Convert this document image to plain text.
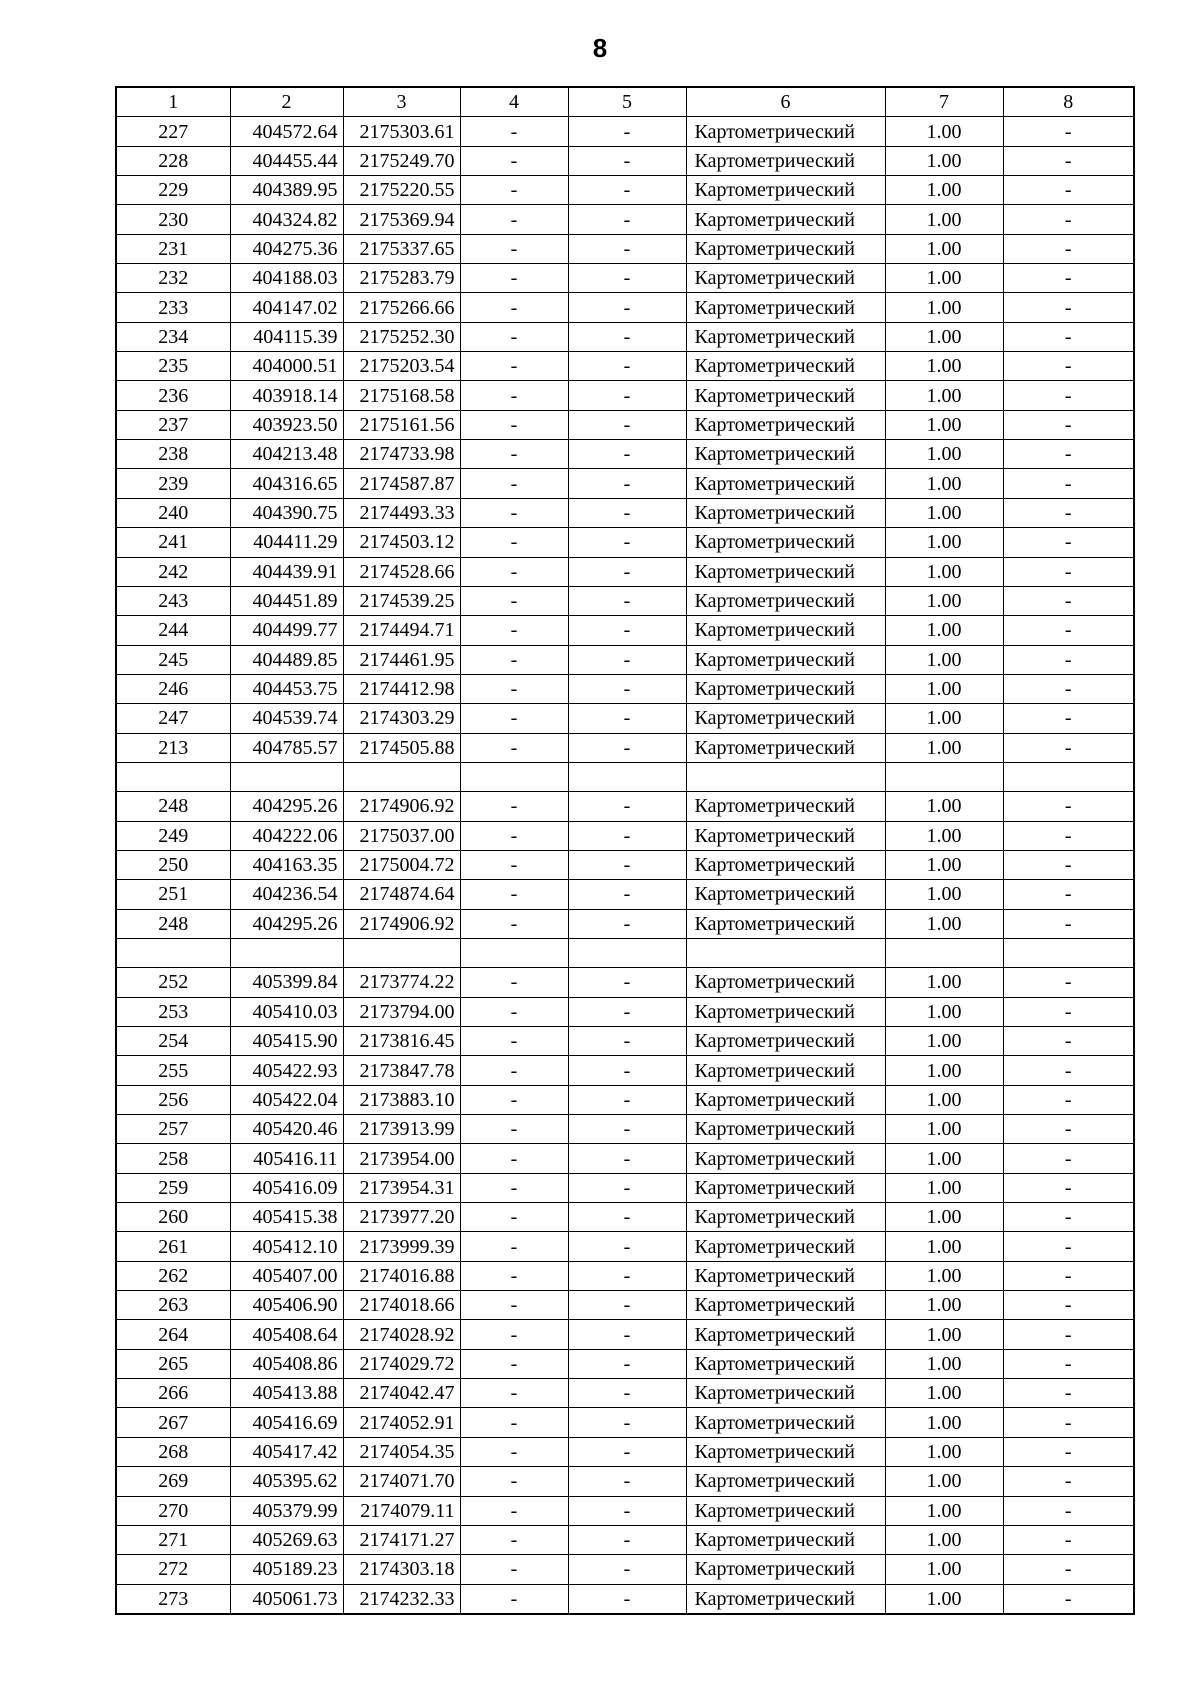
8
1	2	3	4	5	6	7	8
227	404572.64	2175303.61	-	-	Картометрический	1.00	-
228	404455.44	2175249.70	-	-	Картометрический	1.00	-
229	404389.95	2175220.55	-	-	Картометрический	1.00	-
230	404324.82	2175369.94	-	-	Картометрический	1.00	-
231	404275.36	2175337.65	-	-	Картометрический	1.00	-
232	404188.03	2175283.79	-	-	Картометрический	1.00	-
233	404147.02	2175266.66	-	-	Картометрический	1.00	-
234	404115.39	2175252.30	-	-	Картометрический	1.00	-
235	404000.51	2175203.54	-	-	Картометрический	1.00	-
236	403918.14	2175168.58	-	-	Картометрический	1.00	-
237	403923.50	2175161.56	-	-	Картометрический	1.00	-
238	404213.48	2174733.98	-	-	Картометрический	1.00	-
239	404316.65	2174587.87	-	-	Картометрический	1.00	-
240	404390.75	2174493.33	-	-	Картометрический	1.00	-
241	404411.29	2174503.12	-	-	Картометрический	1.00	-
242	404439.91	2174528.66	-	-	Картометрический	1.00	-
243	404451.89	2174539.25	-	-	Картометрический	1.00	-
244	404499.77	2174494.71	-	-	Картометрический	1.00	-
245	404489.85	2174461.95	-	-	Картометрический	1.00	-
246	404453.75	2174412.98	-	-	Картометрический	1.00	-
247	404539.74	2174303.29	-	-	Картометрический	1.00	-
213	404785.57	2174505.88	-	-	Картометрический	1.00	-

248	404295.26	2174906.92	-	-	Картометрический	1.00	-
249	404222.06	2175037.00	-	-	Картометрический	1.00	-
250	404163.35	2175004.72	-	-	Картометрический	1.00	-
251	404236.54	2174874.64	-	-	Картометрический	1.00	-
248	404295.26	2174906.92	-	-	Картометрический	1.00	-

252	405399.84	2173774.22	-	-	Картометрический	1.00	-
253	405410.03	2173794.00	-	-	Картометрический	1.00	-
254	405415.90	2173816.45	-	-	Картометрический	1.00	-
255	405422.93	2173847.78	-	-	Картометрический	1.00	-
256	405422.04	2173883.10	-	-	Картометрический	1.00	-
257	405420.46	2173913.99	-	-	Картометрический	1.00	-
258	405416.11	2173954.00	-	-	Картометрический	1.00	-
259	405416.09	2173954.31	-	-	Картометрический	1.00	-
260	405415.38	2173977.20	-	-	Картометрический	1.00	-
261	405412.10	2173999.39	-	-	Картометрический	1.00	-
262	405407.00	2174016.88	-	-	Картометрический	1.00	-
263	405406.90	2174018.66	-	-	Картометрический	1.00	-
264	405408.64	2174028.92	-	-	Картометрический	1.00	-
265	405408.86	2174029.72	-	-	Картометрический	1.00	-
266	405413.88	2174042.47	-	-	Картометрический	1.00	-
267	405416.69	2174052.91	-	-	Картометрический	1.00	-
268	405417.42	2174054.35	-	-	Картометрический	1.00	-
269	405395.62	2174071.70	-	-	Картометрический	1.00	-
270	405379.99	2174079.11	-	-	Картометрический	1.00	-
271	405269.63	2174171.27	-	-	Картометрический	1.00	-
272	405189.23	2174303.18	-	-	Картометрический	1.00	-
273	405061.73	2174232.33	-	-	Картометрический	1.00	-
